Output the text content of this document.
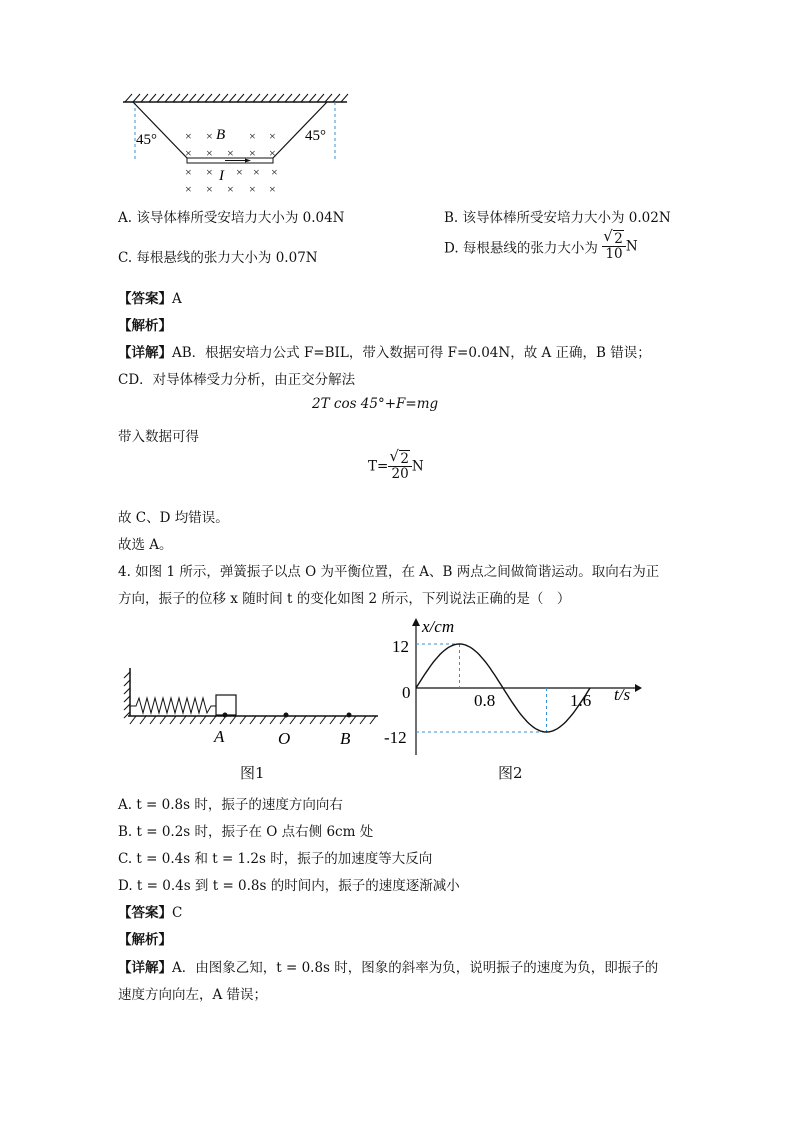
45°	45°
B
I
× ×	× ×
× × × × ×
× × × × ×
× × × × ×
A. 该导体棒所受安培力大小为 0.04N	B. 该导体棒所受安培力大小为 0.02N
C. 每根悬线的张力大小为 0.07N
D. 每根悬线的张力大小为 √ $\frac{2}{10}$ N
【答案】A
【解析】
【详解】AB．根据安培力公式 F=BIL，带入数据可得 F=0.04N，故 A 正确，B 错误；
CD．对导体棒受力分析，由正交分解法
2T cos 45°+F=mg
带入数据可得
T= √ $\frac{2}{20}$ N
故 C、D 均错误。
故选 A。
4. 如图 1 所示，弹簧振子以点 O 为平衡位置，在 A、B 两点之间做简谐运动。取向右为正
方向，振子的位移 x 随时间 t 的变化如图 2 所示，下列说法正确的是（　）
A	O	B
图1
x/cm
t/s
12
0
-12
0.8	1.6
图2
A. t = 0.8s 时，振子的速度方向向右
B. t = 0.2s 时，振子在 O 点右侧 6cm 处
C. t = 0.4s 和 t = 1.2s 时，振子的加速度等大反向
D. t = 0.4s 到 t = 0.8s 的时间内，振子的速度逐渐减小
【答案】C
【解析】
【详解】A．由图象乙知，t = 0.8s 时，图象的斜率为负，说明振子的速度为负，即振子的
速度方向向左，A 错误；
